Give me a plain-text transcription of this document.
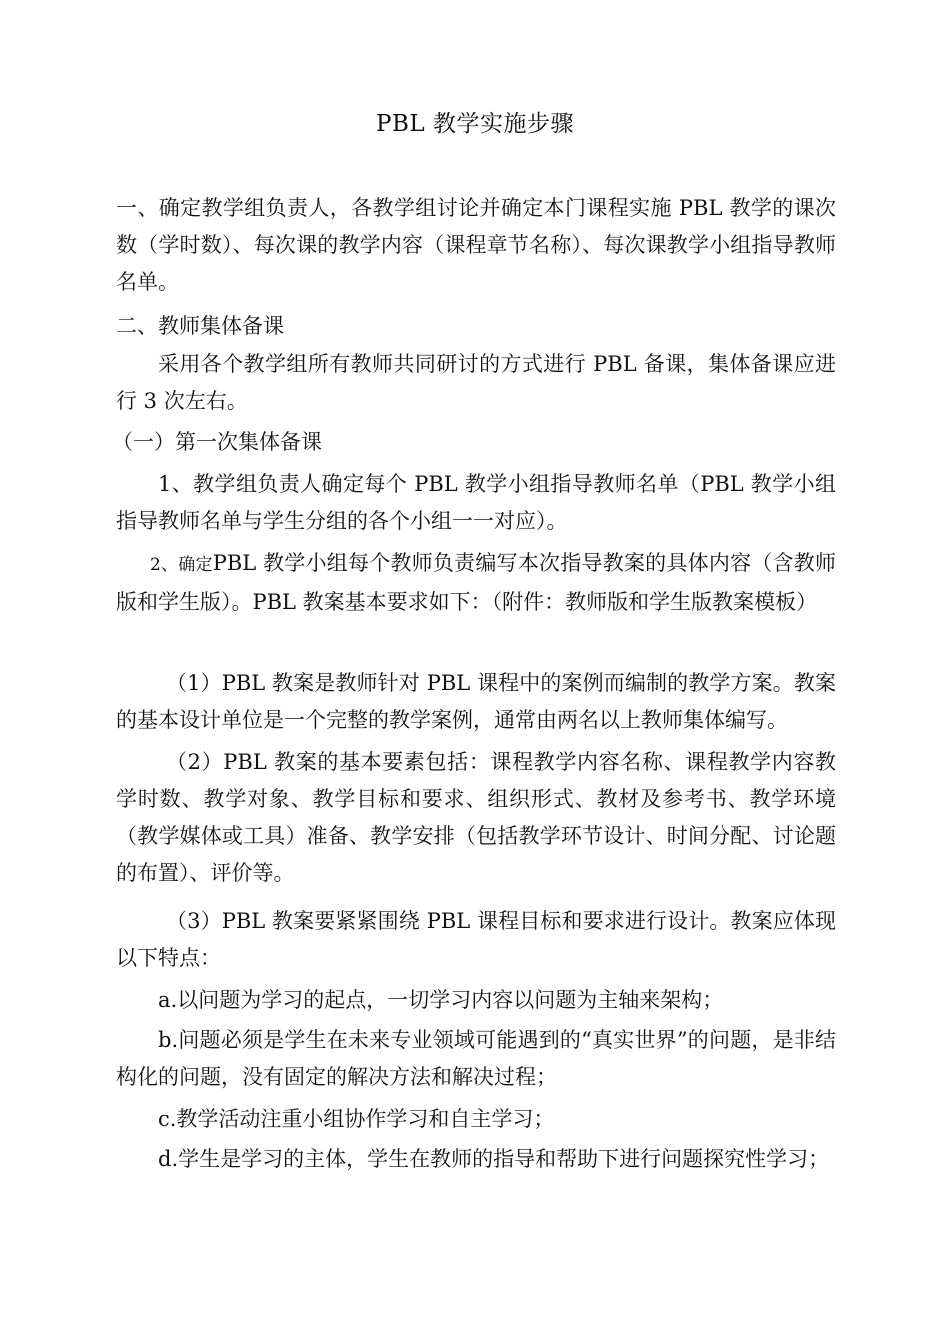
PBL 教学实施步骤

一、确定教学组负责人，各教学组讨论并确定本门课程实施 PBL 教学的课次数（学时数）、每次课的教学内容（课程章节名称）、每次课教学小组指导教师名单。

二、教师集体备课

采用各个教学组所有教师共同研讨的方式进行 PBL 备课，集体备课应进行 3 次左右。

（一）第一次集体备课

1、教学组负责人确定每个 PBL 教学小组指导教师名单（PBL 教学小组指导教师名单与学生分组的各个小组一一对应）。

2、确定PBL 教学小组每个教师负责编写本次指导教案的具体内容（含教师版和学生版）。PBL 教案基本要求如下：（附件：教师版和学生版教案模板）

（1）PBL 教案是教师针对 PBL 课程中的案例而编制的教学方案。教案的基本设计单位是一个完整的教学案例，通常由两名以上教师集体编写。

（2）PBL 教案的基本要素包括：课程教学内容名称、课程教学内容教学时数、教学对象、教学目标和要求、组织形式、教材及参考书、教学环境（教学媒体或工具）准备、教学安排（包括教学环节设计、时间分配、讨论题的布置）、评价等。

（3）PBL 教案要紧紧围绕 PBL 课程目标和要求进行设计。教案应体现以下特点：

a.以问题为学习的起点，一切学习内容以问题为主轴来架构；

b.问题必须是学生在未来专业领域可能遇到的“真实世界”的问题，是非结构化的问题，没有固定的解决方法和解决过程；

c.教学活动注重小组协作学习和自主学习；

d.学生是学习的主体，学生在教师的指导和帮助下进行问题探究性学习；
